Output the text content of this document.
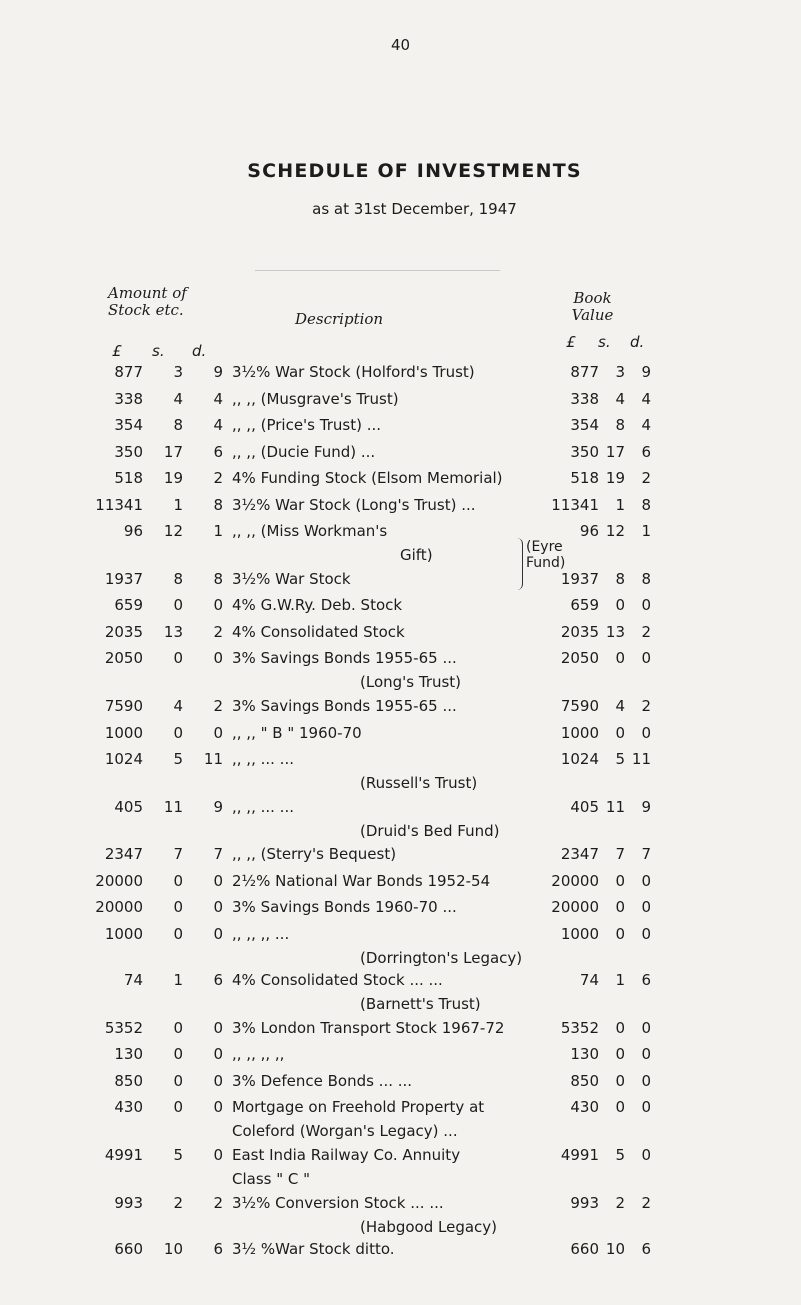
40
SCHEDULE OF INVESTMENTS
as at 31st December, 1947
Amount of
Stock etc.	Description
Book
Value
£ s. d.	£ s. d.
(Eyre
Fund)
877 3 9 3½% War Stock (Holford's Trust)	877 3 9
338 4 4 ,, ,, (Musgrave's Trust)	338 4 4
354 8 4 ,, ,, (Price's Trust) ...	354 8 4
350 17 6 ,, ,, (Ducie Fund) ...	350 17 6
518 19 2 4% Funding Stock (Elsom Memorial)	518 19 2
11341 1 8 3½% War Stock (Long's Trust) ...	11341 1 8
96 12 1 ,, ,, (Miss Workman's	96 12 1
Gift)
1937 8 8 3½% War Stock	1937 8 8
659 0 0 4% G.W.Ry. Deb. Stock	659 0 0
2035 13 2 4% Consolidated Stock	2035 13 2
2050 0 0 3% Savings Bonds 1955-65 ...	2050 0 0
(Long's Trust)
7590 4 2 3% Savings Bonds 1955-65 ...	7590 4 2
1000 0 0 ,, ,, " B " 1960-70	1000 0 0
1024 5 11 ,, ,, ... ...	1024 5 11
(Russell's Trust)
405 11 9 ,, ,, ... ...	405 11 9
(Druid's Bed Fund)
2347 7 7 ,, ,, (Sterry's Bequest)	2347 7 7
20000 0 0 2½% National War Bonds 1952-54	20000 0 0
20000 0 0 3% Savings Bonds 1960-70 ...	20000 0 0
1000 0 0 ,, ,, ,, ...	1000 0 0
(Dorrington's Legacy)
74 1 6 4% Consolidated Stock ... ...	74 1 6
(Barnett's Trust)
5352 0 0 3% London Transport Stock 1967-72	5352 0 0
130 0 0 ,, ,, ,, ,,	130 0 0
850 0 0 3% Defence Bonds ... ...	850 0 0
430 0 0 Mortgage on Freehold Property at	430 0 0
Coleford (Worgan's Legacy) ...
4991 5 0 East India Railway Co. Annuity	4991 5 0
Class " C "
993 2 2 3½% Conversion Stock ... ...	993 2 2
(Habgood Legacy)
660 10 6 3½ %War Stock ditto.	660 10 6
